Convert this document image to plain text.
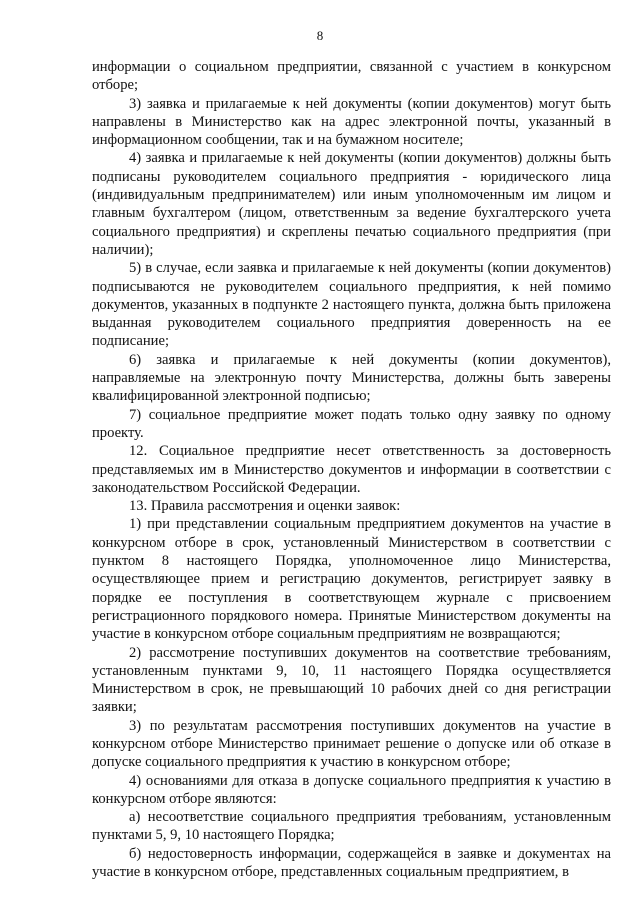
8

информации о социальном предприятии, связанной с участием в конкурсном отборе;

3) заявка и прилагаемые к ней документы (копии документов) могут быть направлены в Министерство как на адрес электронной почты, указанный в информационном сообщении, так и на бумажном носителе;

4) заявка и прилагаемые к ней документы (копии документов) должны быть подписаны руководителем социального предприятия - юридического лица (индивидуальным предпринимателем) или иным уполномоченным им лицом и главным бухгалтером (лицом, ответственным за ведение бухгалтерского учета социального предприятия) и скреплены печатью социального предприятия (при наличии);

5) в случае, если заявка и прилагаемые к ней документы (копии документов) подписываются не руководителем социального предприятия, к ней помимо документов, указанных в подпункте 2 настоящего пункта, должна быть приложена выданная руководителем социального предприятия доверенность на ее подписание;

6) заявка и прилагаемые к ней документы (копии документов), направляемые на электронную почту Министерства, должны быть заверены квалифицированной электронной подписью;

7) социальное предприятие может подать только одну заявку по одному проекту.

12. Социальное предприятие несет ответственность за достоверность представляемых им в Министерство документов и информации в соответствии с законодательством Российской Федерации.

13. Правила рассмотрения и оценки заявок:

1) при представлении социальным предприятием документов на участие в конкурсном отборе в срок, установленный Министерством в соответствии с пунктом 8 настоящего Порядка, уполномоченное лицо Министерства, осуществляющее прием и регистрацию документов, регистрирует заявку в порядке ее поступления в соответствующем журнале с присвоением регистрационного порядкового номера. Принятые Министерством документы на участие в конкурсном отборе социальным предприятиям не возвращаются;

2) рассмотрение поступивших документов на соответствие требованиям, установленным пунктами 9, 10, 11 настоящего Порядка осуществляется Министерством в срок, не превышающий 10 рабочих дней со дня регистрации заявки;

3) по результатам рассмотрения поступивших документов на участие в конкурсном отборе Министерство принимает решение о допуске или об отказе в допуске социального предприятия к участию в конкурсном отборе;

4) основаниями для отказа в допуске социального предприятия к участию в конкурсном отборе являются:

а) несоответствие социального предприятия требованиям, установленным пунктами 5, 9, 10 настоящего Порядка;

б) недостоверность информации, содержащейся в заявке и документах на участие в конкурсном отборе, представленных социальным предприятием, в
